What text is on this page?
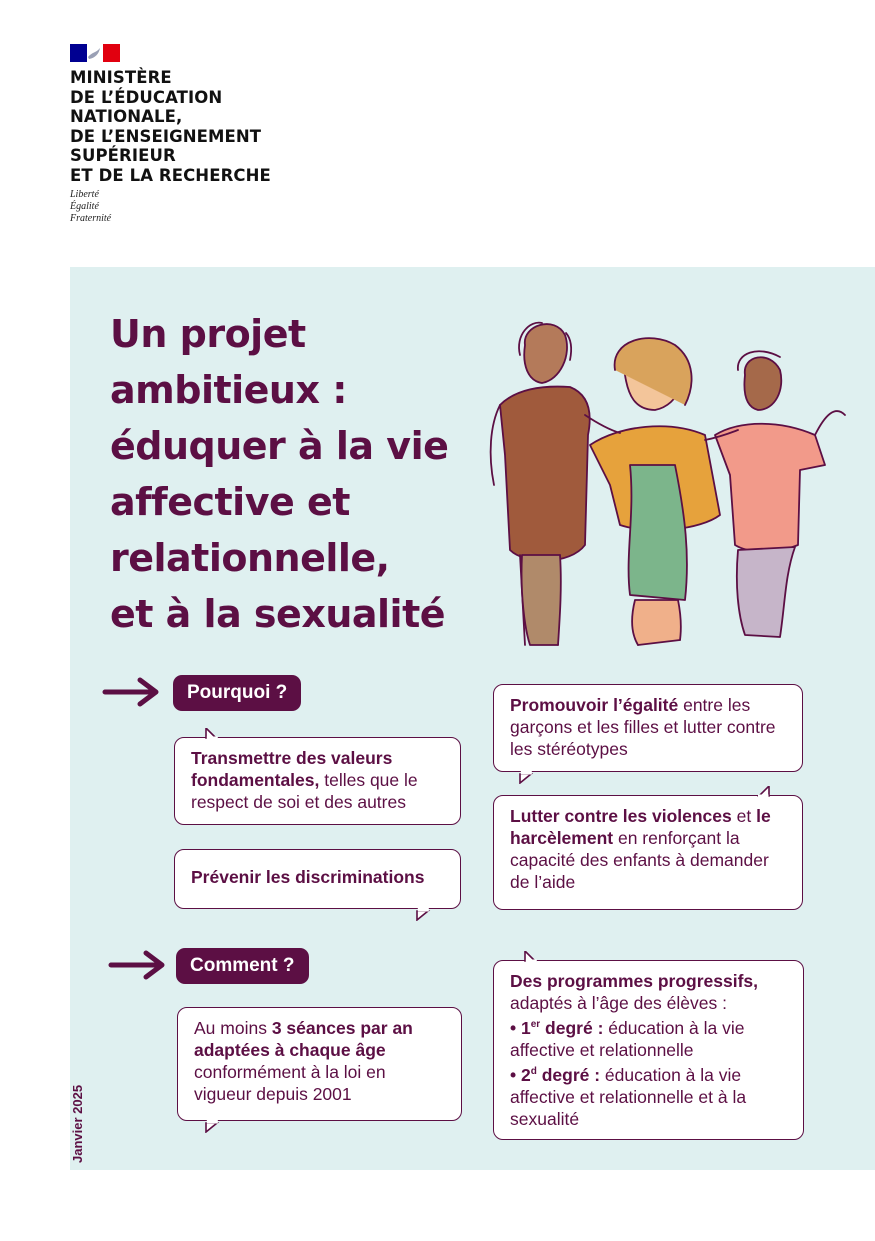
MINISTÈRE
DE L’ÉDUCATION
NATIONALE,
DE L’ENSEIGNEMENT
SUPÉRIEUR
ET DE LA RECHERCHE
Liberté
Égalité
Fraternité
Un projet
ambitieux :
éduquer à la vie
affective et
relationnelle,
et à la sexualité
Pourquoi ?
Transmettre des valeurs fondamentales, telles que le respect de soi et des autres
Prévenir les discriminations
Promouvoir l’égalité entre les garçons et les filles et lutter contre les stéréotypes
Lutter contre les violences et le harcèlement en renforçant la capacité des enfants à demander de l’aide
Comment ?
Au moins 3 séances par an adaptées à chaque âge conformément à la loi en vigueur depuis 2001
Des programmes progressifs, adaptés à l’âge des élèves :
• 1er degré : éducation à la vie affective et relationnelle
• 2$^d$ degré : éducation à la vie affective et relationnelle et à la sexualité
Janvier 2025
